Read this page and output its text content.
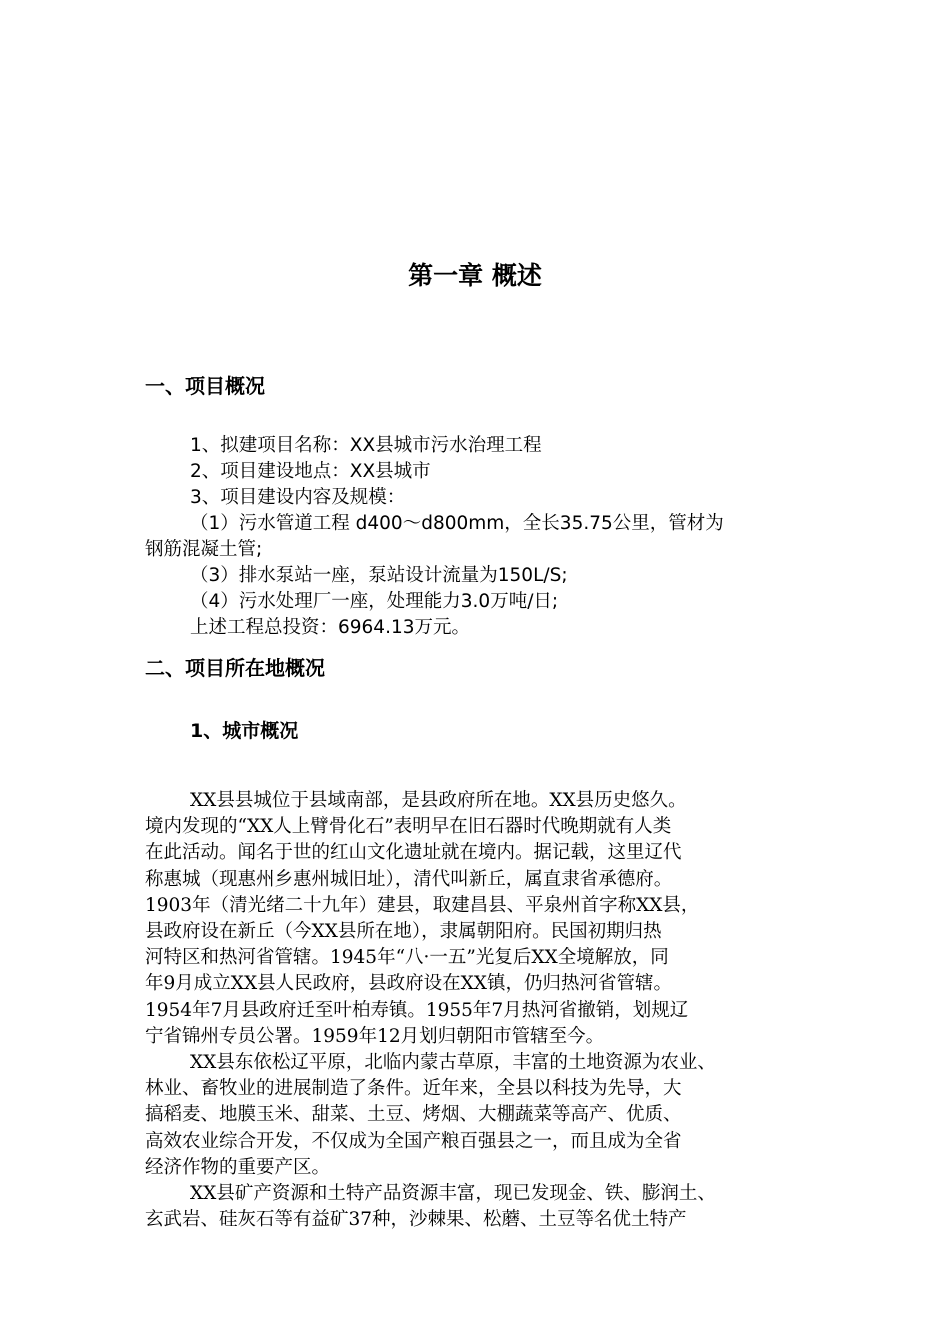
第一章 概述
一、项目概况
1、拟建项目名称：XX县城市污水治理工程
2、项目建设地点：XX县城市
3、项目建设内容及规模：
（1）污水管道工程 d400～d800mm，全长35.75公里，管材为
钢筋混凝土管;
（3）排水泵站一座，泵站设计流量为150L/S;
（4）污水处理厂一座，处理能力3.0万吨/日;
上述工程总投资：6964.13万元。
二、项目所在地概况
1、城市概况
XX县县城位于县域南部，是县政府所在地。XX县历史悠久。
境内发现的“XX人上臂骨化石”表明早在旧石器时代晚期就有人类
在此活动。闻名于世的红山文化遗址就在境内。据记载，这里辽代
称惠城（现惠州乡惠州城旧址），清代叫新丘，属直隶省承德府。
1903年（清光绪二十九年）建县，取建昌县、平泉州首字称XX县，
县政府设在新丘（今XX县所在地），隶属朝阳府。民国初期归热
河特区和热河省管辖。1945年“八·一五”光复后XX全境解放，同
年9月成立XX县人民政府，县政府设在XX镇，仍归热河省管辖。
1954年7月县政府迁至叶柏寿镇。1955年7月热河省撤销，划规辽
宁省锦州专员公署。1959年12月划归朝阳市管辖至今。
XX县东依松辽平原，北临内蒙古草原，丰富的土地资源为农业、
林业、畜牧业的进展制造了条件。近年来，全县以科技为先导，大
搞稻麦、地膜玉米、甜菜、土豆、烤烟、大棚蔬菜等高产、优质、
高效农业综合开发，不仅成为全国产粮百强县之一，而且成为全省
经济作物的重要产区。
XX县矿产资源和土特产品资源丰富，现已发现金、铁、膨润土、
玄武岩、硅灰石等有益矿37种，沙棘果、松蘑、土豆等名优土特产
